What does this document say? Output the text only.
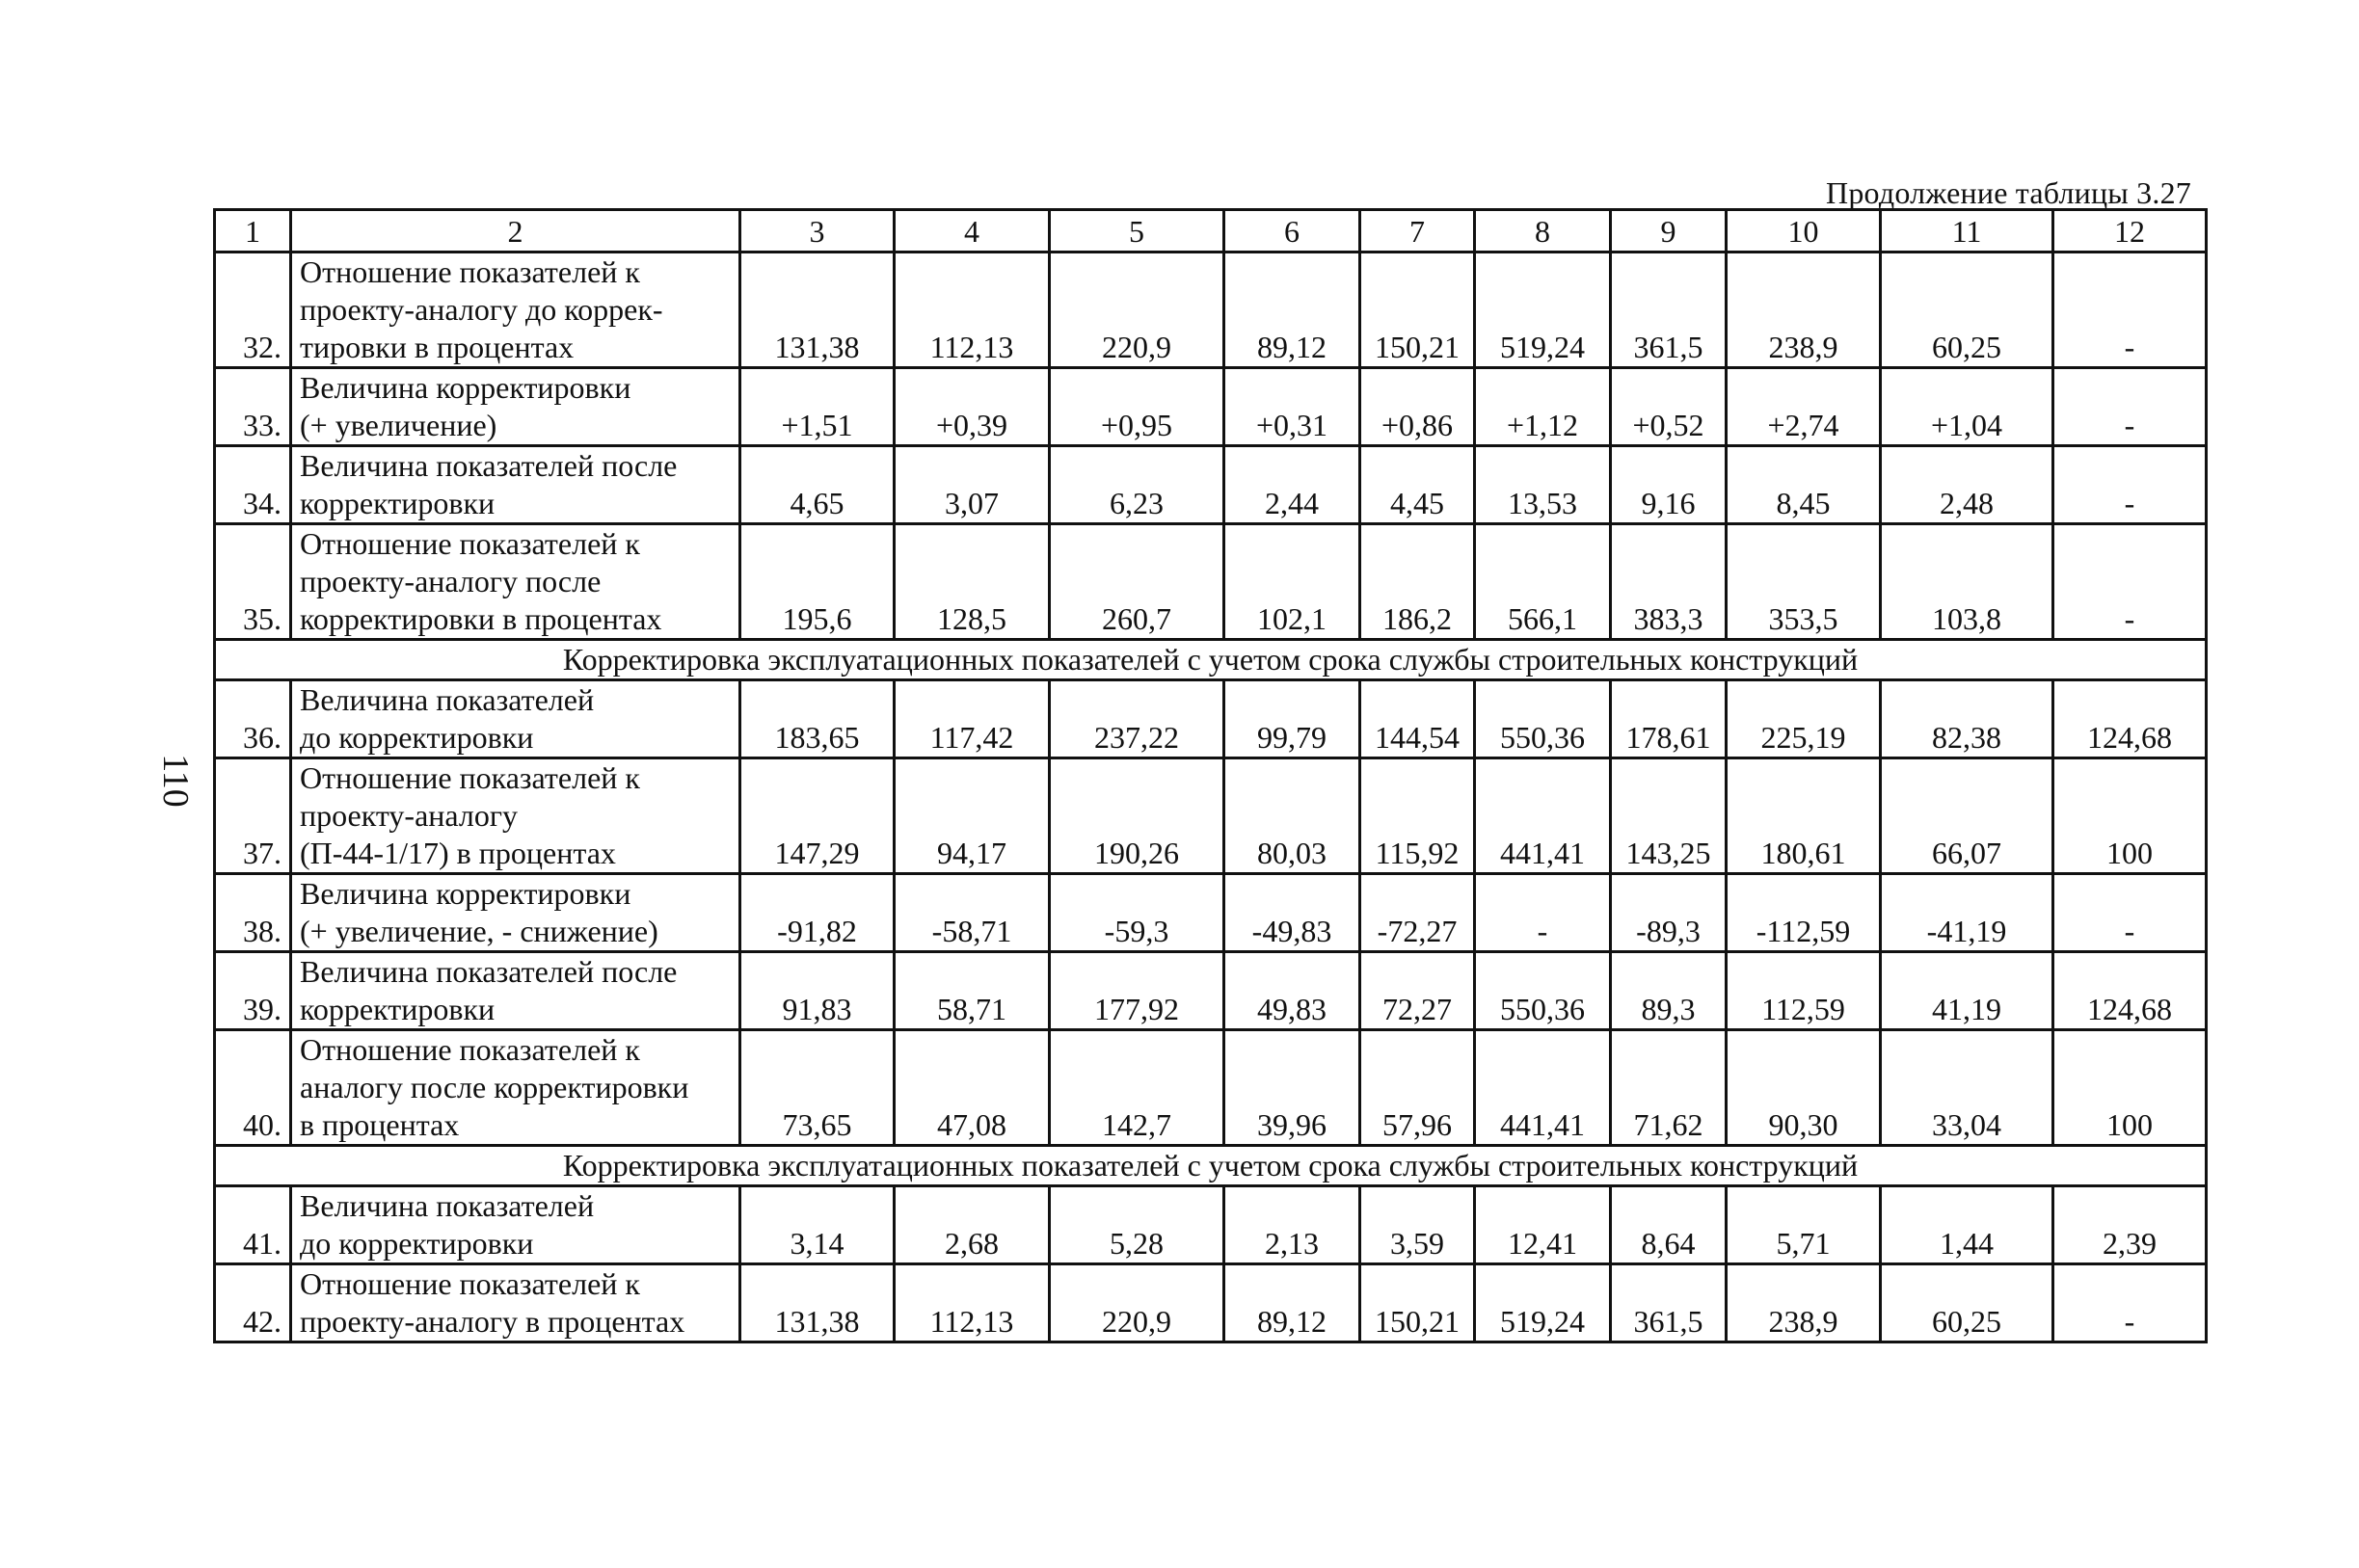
Продолжение таблицы 3.27
110
1	2	3	4	5	6	7	8	9	10	11	12
32.	Отношение показателей к
проекту-аналогу до коррек-
тировки в процентах	131,38	112,13	220,9	89,12	150,21	519,24	361,5	238,9	60,25	-
33.	Величина корректировки
(+ увеличение)	+1,51	+0,39	+0,95	+0,31	+0,86	+1,12	+0,52	+2,74	+1,04	-
34.	Величина показателей после
корректировки	4,65	3,07	6,23	2,44	4,45	13,53	9,16	8,45	2,48	-
35.	Отношение показателей к
проекту-аналогу после
корректировки в процентах	195,6	128,5	260,7	102,1	186,2	566,1	383,3	353,5	103,8	-
Корректировка эксплуатационных показателей с учетом срока службы строительных конструкций											
36.	Величина показателей
до корректировки	183,65	117,42	237,22	99,79	144,54	550,36	178,61	225,19	82,38	124,68
37.	Отношение показателей к
проекту-аналогу
(П-44-1/17) в процентах	147,29	94,17	190,26	80,03	115,92	441,41	143,25	180,61	66,07	100
38.	Величина корректировки
(+ увеличение, - снижение)	-91,82	-58,71	-59,3	-49,83	-72,27	-	-89,3	-112,59	-41,19	-
39.	Величина показателей после
корректировки	91,83	58,71	177,92	49,83	72,27	550,36	89,3	112,59	41,19	124,68
40.	Отношение показателей к
аналогу после корректировки
в процентах	73,65	47,08	142,7	39,96	57,96	441,41	71,62	90,30	33,04	100
Корректировка эксплуатационных показателей с учетом срока службы строительных конструкций											
41.	Величина показателей
до корректировки	3,14	2,68	5,28	2,13	3,59	12,41	8,64	5,71	1,44	2,39
42.	Отношение показателей к
проекту-аналогу в процентах	131,38	112,13	220,9	89,12	150,21	519,24	361,5	238,9	60,25	-
